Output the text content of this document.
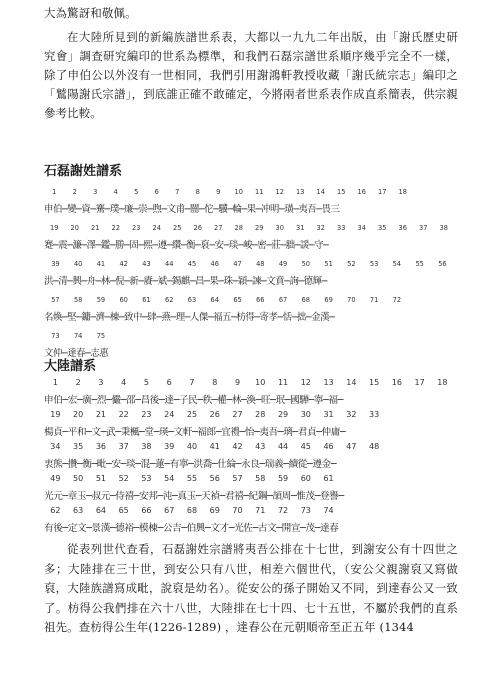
大為驚訝和敬佩。

在大陸所見到的新編族譜世系表，大都以一九九二年出版，由「謝氏歷史研究會」調查研究編印的世系為標準，和我們石磊宗譜世系順序幾乎完全不一樣，除了申伯公以外沒有一世相同，我們引用謝鴻軒教授收藏「謝氏統宗志」編印之「鷲陽謝氏宗譜」，到底誰正確不敢確定，今將兩者世系表作成直系簡表，供宗親參考比較。

石磊謝姓譜系
1 2 3 4 5 6 7 8 9 10 11 12 13 14 15 16 17 18
申伯─變─資─騫─璞─廉─崇─煦─文甫─闓─佗─驥─輪─果─冲明─璜─夷吾─畏三
19 20 21 22 23 24 25 26 27 28 29 30 31 32 33 34 35 36 37 38
蹇─震─濂─澤─鑑─勝─固─熙─遵─纘─衡─裒─安─琰─峻─密─莊─胐─諼─守─
39 40 41 42 43 44 45 46 47 48 49 50 51 52 53 54 55 56
洪─清─興─舟─林─倪─新─賡─斌─錫麒─昌─果─珠─穎─諫─文賁─詢─德輝─
57 58 59 60 61 62 63 64 65 66 67 68 69 70 71 72
名煥─堅─鏞─濟─棟─致中─肆─燕─理─人傑─福五─枋得─寄孝─恬─拙─金漢─
73 74 75
文仲─達春─志惠
大陸譜系
1 2 3 4 5 6 7 8 9 10 11 12 13 14 15 16 17 18
申伯─宏─廣─烈─儼─邵─昌後─達─子民─秩─權─林─渙─旺─珉─國驊─寧─福─
19 20 21 22 23 24 25 26 27 28 29 30 31 32 33
楊貞─平和─文─武─秉楓─堂─瑛─文軒─福郎─宜禮─怡─夷吾─璃─君貞─仲庸─
34 35 36 37 38 39 40 41 42 43 44 45 46 47 48
衷熊─攢─衡─毗─安─琰─混─蓮─有寧─洪喬─仕綸─永良─瑞義─續從─遵金─
49 50 51 52 53 54 55 56 57 58 59 60 61
光元─章玉─叔元─侍禧─安邦─沌─真玉─天禎─君禧─紀鋼─頡周─惟茂─登譽─
62 63 64 65 66 67 68 69 70 71 72 73 74
有後─定文─景漢─德裕─模棟─公吉─伯興─文才─光佐─古文─開宣─茂─達春

從表列世代查看，石磊謝姓宗譜將夷吾公排在十七世，到謝安公有十四世之多；大陸排在三十世，到安公只有八世，相差六個世代，（安公父親謝裒又寫做裒，大陸族譜寫成毗，說裒是幼名）。從安公的孫子開始又不同，到達春公又一致了。枋得公我們排在六十八世，大陸排在七十四、七十五世，不屬於我們的直系祖先。查枋得公生年(1226-1289) ，達春公在元朝順帝至正五年 (1344
